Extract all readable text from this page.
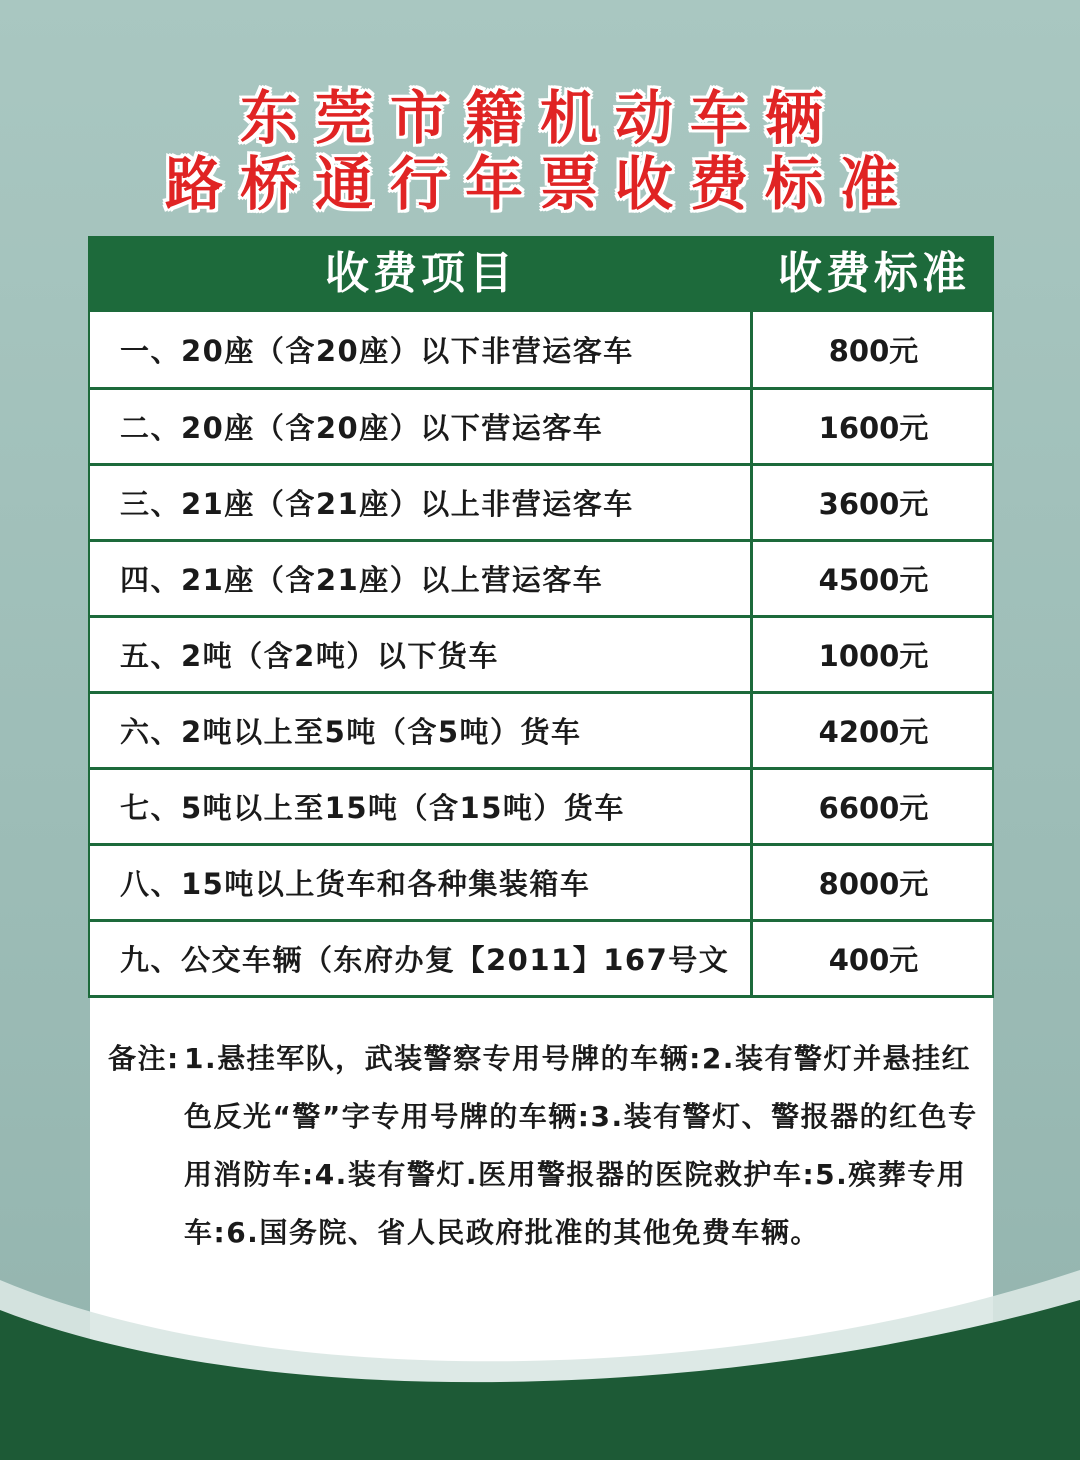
东莞市籍机动车辆
路桥通行年票收费标准
收费项目	收费标准
一、20座（含20座）以下非营运客车	800元
二、20座（含20座）以下营运客车	1600元
三、21座（含21座）以上非营运客车	3600元
四、21座（含21座）以上营运客车	4500元
五、2吨（含2吨）以下货车	1000元
六、2吨以上至5吨（含5吨）货车	4200元
七、5吨以上至15吨（含15吨）货车	6600元
八、15吨以上货车和各种集装箱车	8000元
九、公交车辆（东府办复【2011】167号文	400元
备注: 1.悬挂军队，武装警察专用号牌的车辆:2.装有警灯并悬挂红色反光“警”字专用号牌的车辆:3.装有警灯、警报器的红色专用消防车:4.装有警灯.医用警报器的医院救护车:5.殡葬专用车:6.国务院、省人民政府批准的其他免费车辆。
